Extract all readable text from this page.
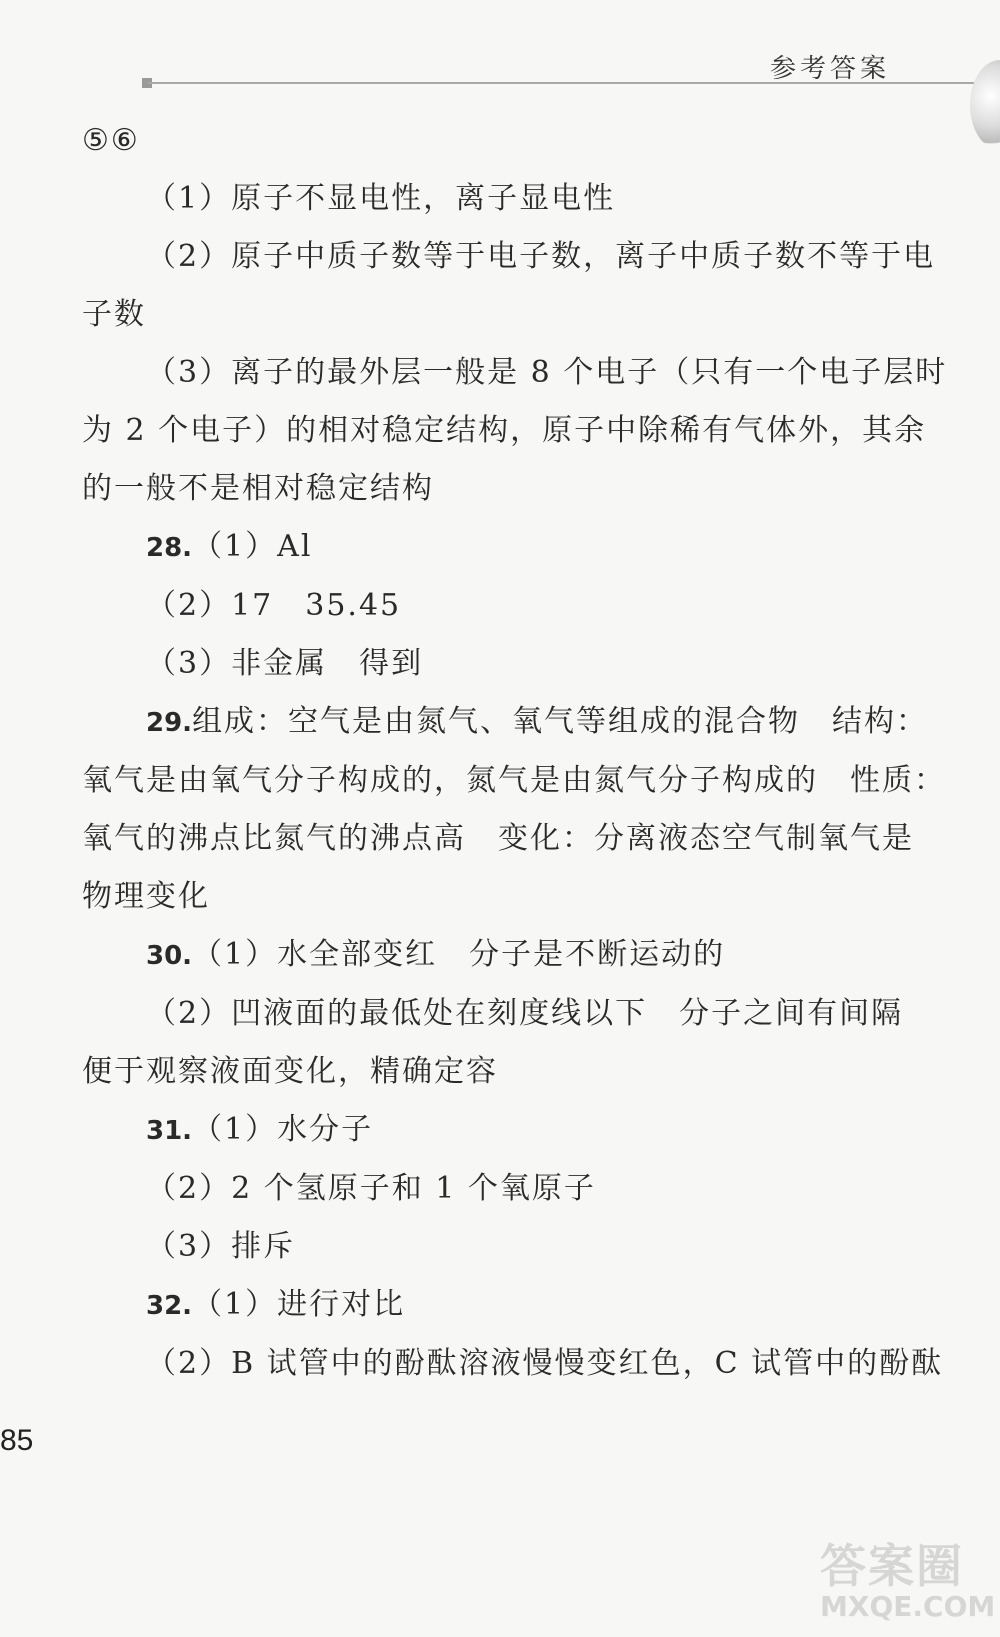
参考答案
⑤⑥
（1）原子不显电性，离子显电性
（2）原子中质子数等于电子数，离子中质子数不等于电
子数
（3）离子的最外层一般是 8 个电子（只有一个电子层时
为 2 个电子）的相对稳定结构，原子中除稀有气体外，其余
的一般不是相对稳定结构
28.（1）Al
（2）17　35.45
（3）非金属　得到
29.组成：空气是由氮气、氧气等组成的混合物　结构：
氧气是由氧气分子构成的，氮气是由氮气分子构成的　性质：
氧气的沸点比氮气的沸点高　变化：分离液态空气制氧气是
物理变化
30.（1）水全部变红　分子是不断运动的
（2）凹液面的最低处在刻度线以下　分子之间有间隔
便于观察液面变化，精确定容
31.（1）水分子
（2）2 个氢原子和 1 个氧原子
（3）排斥
32.（1）进行对比
（2）B 试管中的酚酞溶液慢慢变红色，C 试管中的酚酞
85
答案圈
MXQE.COM
